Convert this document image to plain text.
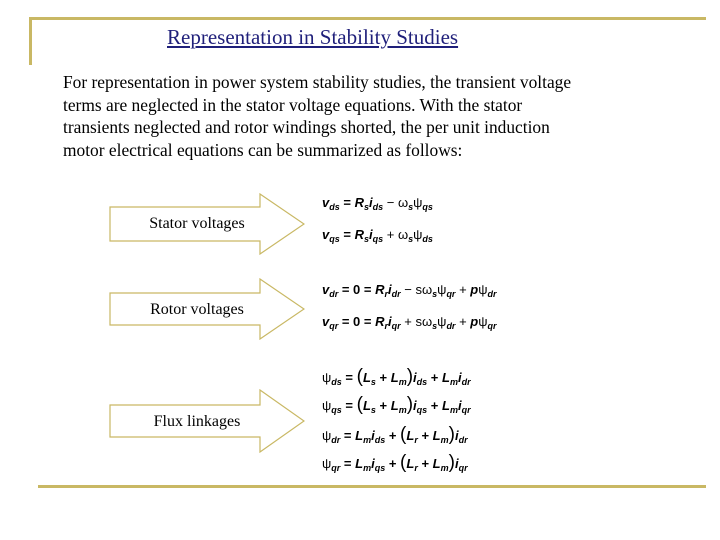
Representation in Stability Studies
For representation in power system stability studies, the transient voltage
terms are neglected in the stator voltage equations. With the stator
transients neglected and rotor windings shorted, the per unit induction
motor electrical equations can be summarized as follows:
Stator voltages
Rotor voltages
Flux linkages
$v_{ds} = R_si_{ds} - \omega_s\psi_{qs}$
$v_{qs} = R_si_{qs} + \omega_s\psi_{ds}$
$v_{dr} = 0 = R_ri_{dr} - s\omega_s\psi_{qr} + p\psi_{dr}$
$v_{qr} = 0 = R_ri_{qr} + s\omega_s\psi_{dr} + p\psi_{qr}$
$\psi_{ds} = (L_s + L_m)i_{ds} + L_mi_{dr}$
$\psi_{qs} = (L_s + L_m)i_{qs} + L_mi_{qr}$
$\psi_{dr} = L_mi_{ds} + (L_r + L_m)i_{dr}$
$\psi_{qr} = L_mi_{qs} + (L_r + L_m)i_{qr}$
